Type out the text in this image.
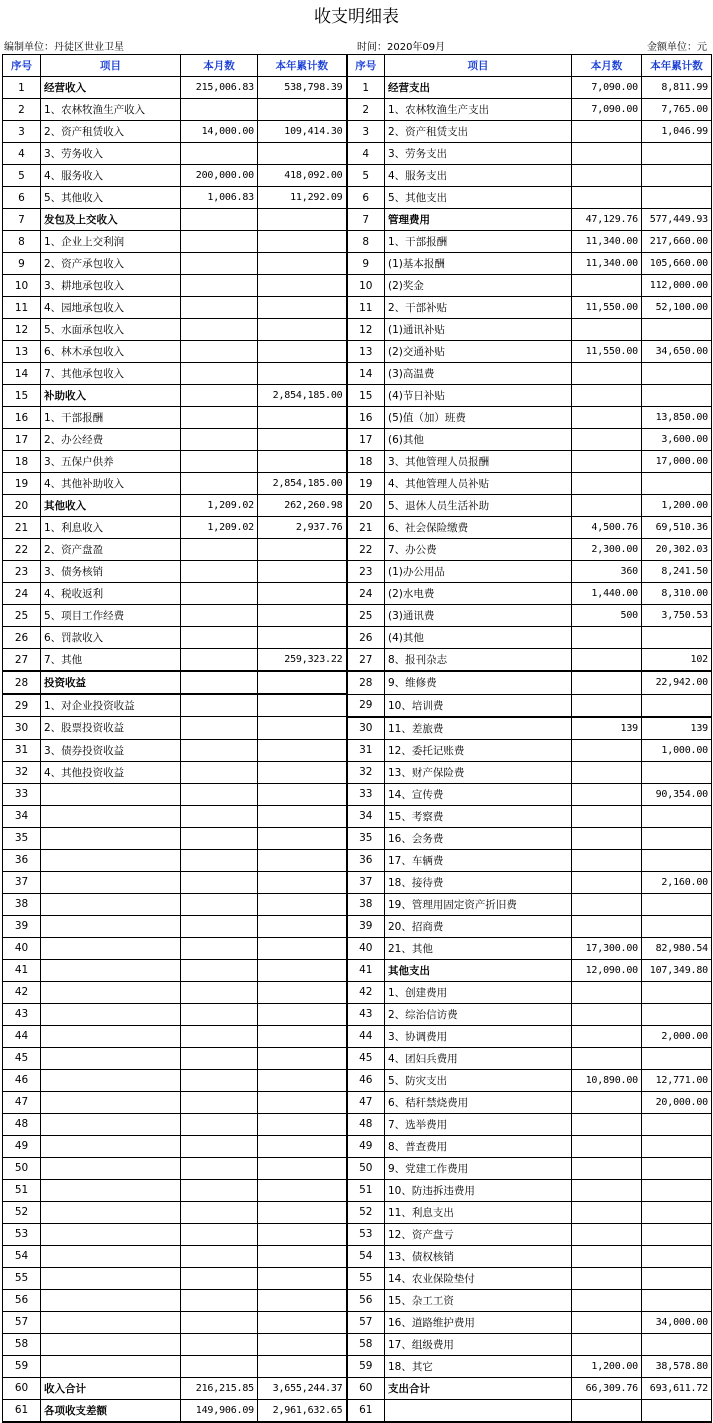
收支明细表
编制单位：丹徒区世业卫星	时间：2020年09月	金额单位：元
序号	项目	本月数	本年累计数	序号	项目	本月数	本年累计数
1	经营收入	215,006.83	538,798.39	1	经营支出	7,090.00	8,811.99
2	1、农林牧渔生产收入			2	1、农林牧渔生产支出	7,090.00	7,765.00
3	2、资产租赁收入	14,000.00	109,414.30	3	2、资产租赁支出		1,046.99
4	3、劳务收入			4	3、劳务支出		
5	4、服务收入	200,000.00	418,092.00	5	4、服务支出		
6	5、其他收入	1,006.83	11,292.09	6	5、其他支出		
7	发包及上交收入			7	管理费用	47,129.76	577,449.93
8	1、企业上交利润			8	1、干部报酬	11,340.00	217,660.00
9	2、资产承包收入			9	(1)基本报酬	11,340.00	105,660.00
10	3、耕地承包收入			10	(2)奖金		112,000.00
11	4、园地承包收入			11	2、干部补贴	11,550.00	52,100.00
12	5、水面承包收入			12	(1)通讯补贴		
13	6、林木承包收入			13	(2)交通补贴	11,550.00	34,650.00
14	7、其他承包收入			14	(3)高温费		
15	补助收入		2,854,185.00	15	(4)节日补贴		
16	1、干部报酬			16	(5)值（加）班费		13,850.00
17	2、办公经费			17	(6)其他		3,600.00
18	3、五保户供养			18	3、其他管理人员报酬		17,000.00
19	4、其他补助收入		2,854,185.00	19	4、其他管理人员补贴		
20	其他收入	1,209.02	262,260.98	20	5、退休人员生活补助		1,200.00
21	1、利息收入	1,209.02	2,937.76	21	6、社会保险缴费	4,500.76	69,510.36
22	2、资产盘盈			22	7、办公费	2,300.00	20,302.03
23	3、债务核销			23	(1)办公用品	360	8,241.50
24	4、税收返利			24	(2)水电费	1,440.00	8,310.00
25	5、项目工作经费			25	(3)通讯费	500	3,750.53
26	6、罚款收入			26	(4)其他		
27	7、其他		259,323.22	27	8、报刊杂志		102
28	投资收益			28	9、维修费		22,942.00
29	1、对企业投资收益			29	10、培训费		
30	2、股票投资收益			30	11、差旅费	139	139
31	3、债券投资收益			31	12、委托记账费		1,000.00
32	4、其他投资收益			32	13、财产保险费		
33				33	14、宣传费		90,354.00
34				34	15、考察费		
35				35	16、会务费		
36				36	17、车辆费		
37				37	18、接待费		2,160.00
38				38	19、管理用固定资产折旧费		
39				39	20、招商费		
40				40	21、其他	17,300.00	82,980.54
41				41	其他支出	12,090.00	107,349.80
42				42	1、创建费用		
43				43	2、综治信访费		
44				44	3、协调费用		2,000.00
45				45	4、团妇兵费用		
46				46	5、防灾支出	10,890.00	12,771.00
47				47	6、秸秆禁烧费用		20,000.00
48				48	7、选举费用		
49				49	8、普查费用		
50				50	9、党建工作费用		
51				51	10、防违拆违费用		
52				52	11、利息支出		
53				53	12、资产盘亏		
54				54	13、债权核销		
55				55	14、农业保险垫付		
56				56	15、杂工工资		
57				57	16、道路维护费用		34,000.00
58				58	17、组级费用		
59				59	18、其它	1,200.00	38,578.80
60	收入合计	216,215.85	3,655,244.37	60	支出合计	66,309.76	693,611.72
61	各项收支差额	149,906.09	2,961,632.65	61			
